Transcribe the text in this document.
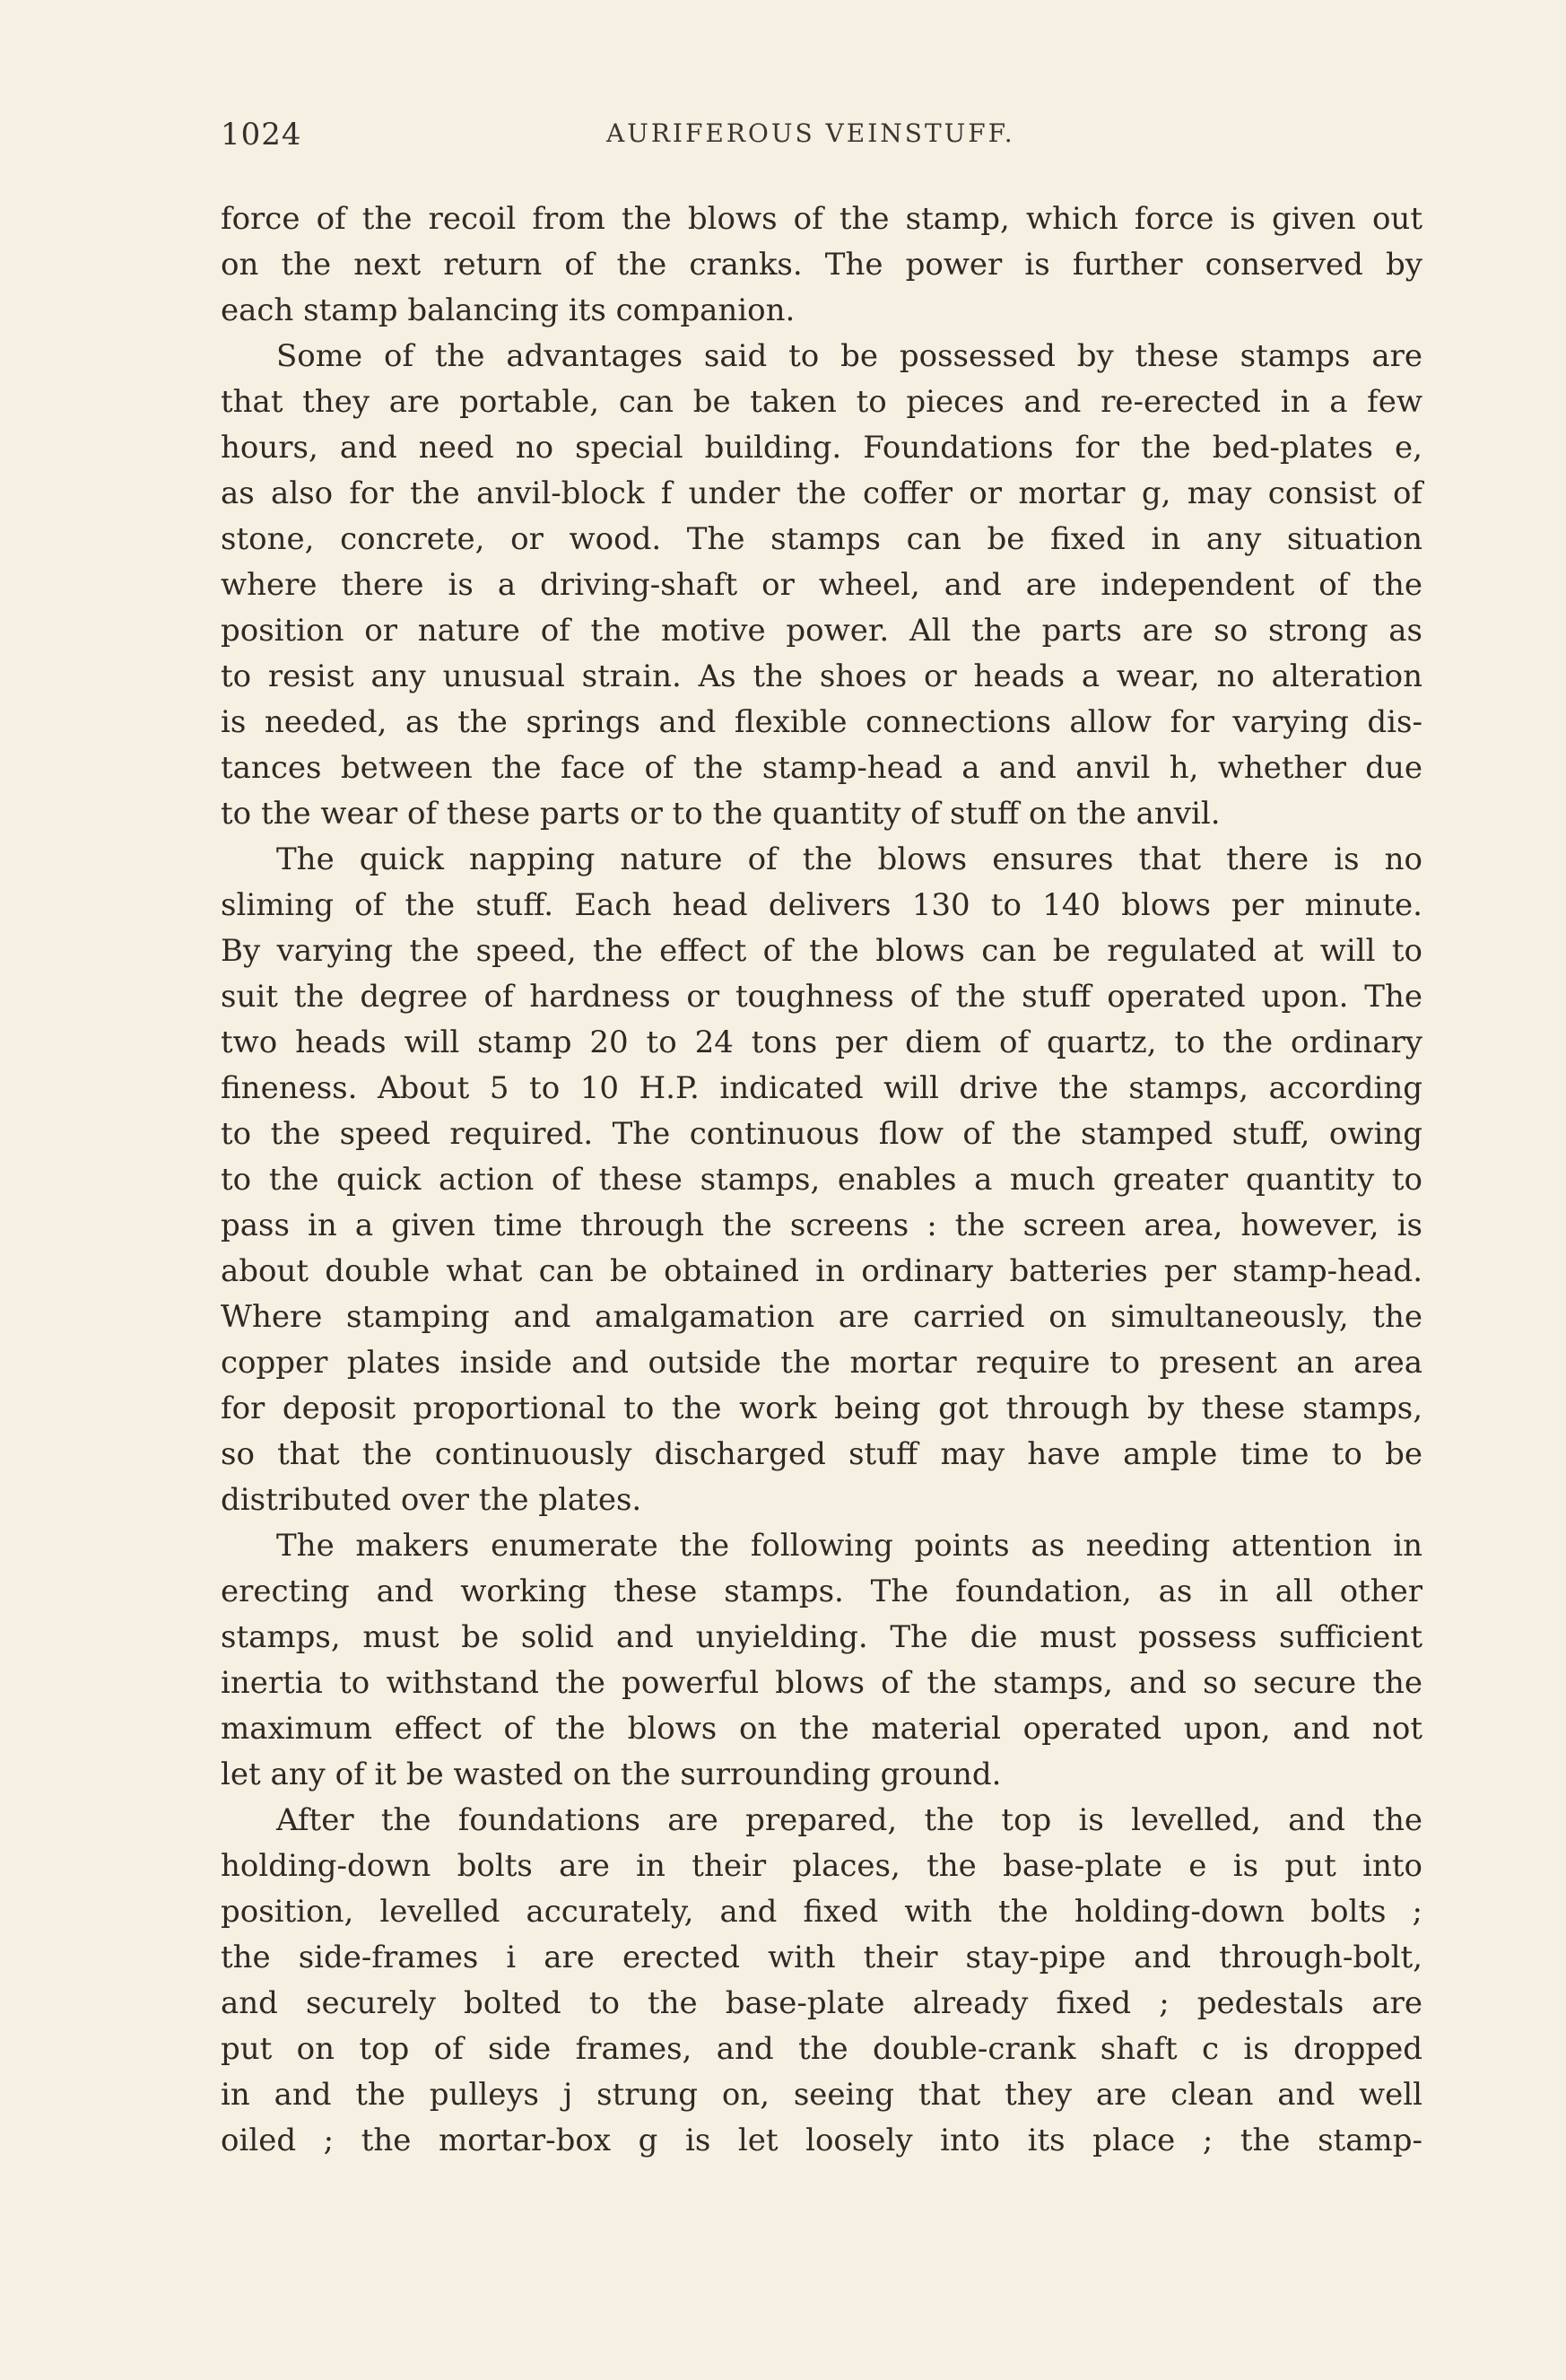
1024	AURIFEROUS VEINSTUFF.
force of the recoil from the blows of the stamp, which force is given out
on the next return of the cranks. The power is further conserved by
each stamp balancing its companion.
Some of the advantages said to be possessed by these stamps are
that they are portable, can be taken to pieces and re-erected in a few
hours, and need no special building. Foundations for the bed-plates e,
as also for the anvil-block f under the coffer or mortar g, may consist of
stone, concrete, or wood. The stamps can be fixed in any situation
where there is a driving-shaft or wheel, and are independent of the
position or nature of the motive power. All the parts are so strong as
to resist any unusual strain. As the shoes or heads a wear, no alteration
is needed, as the springs and flexible connections allow for varying dis-
tances between the face of the stamp-head a and anvil h, whether due
to the wear of these parts or to the quantity of stuff on the anvil.
The quick napping nature of the blows ensures that there is no
sliming of the stuff. Each head delivers 130 to 140 blows per minute.
By varying the speed, the effect of the blows can be regulated at will to
suit the degree of hardness or toughness of the stuff operated upon. The
two heads will stamp 20 to 24 tons per diem of quartz, to the ordinary
fineness. About 5 to 10 H.P. indicated will drive the stamps, according
to the speed required. The continuous flow of the stamped stuff, owing
to the quick action of these stamps, enables a much greater quantity to
pass in a given time through the screens : the screen area, however, is
about double what can be obtained in ordinary batteries per stamp-head.
Where stamping and amalgamation are carried on simultaneously, the
copper plates inside and outside the mortar require to present an area
for deposit proportional to the work being got through by these stamps,
so that the continuously discharged stuff may have ample time to be
distributed over the plates.
The makers enumerate the following points as needing attention in
erecting and working these stamps. The foundation, as in all other
stamps, must be solid and unyielding. The die must possess sufficient
inertia to withstand the powerful blows of the stamps, and so secure the
maximum effect of the blows on the material operated upon, and not
let any of it be wasted on the surrounding ground.
After the foundations are prepared, the top is levelled, and the
holding-down bolts are in their places, the base-plate e is put into
position, levelled accurately, and fixed with the holding-down bolts ;
the side-frames i are erected with their stay-pipe and through-bolt,
and securely bolted to the base-plate already fixed ; pedestals are
put on top of side frames, and the double-crank shaft c is dropped
in and the pulleys j strung on, seeing that they are clean and well
oiled ; the mortar-box g is let loosely into its place ; the stamp-
